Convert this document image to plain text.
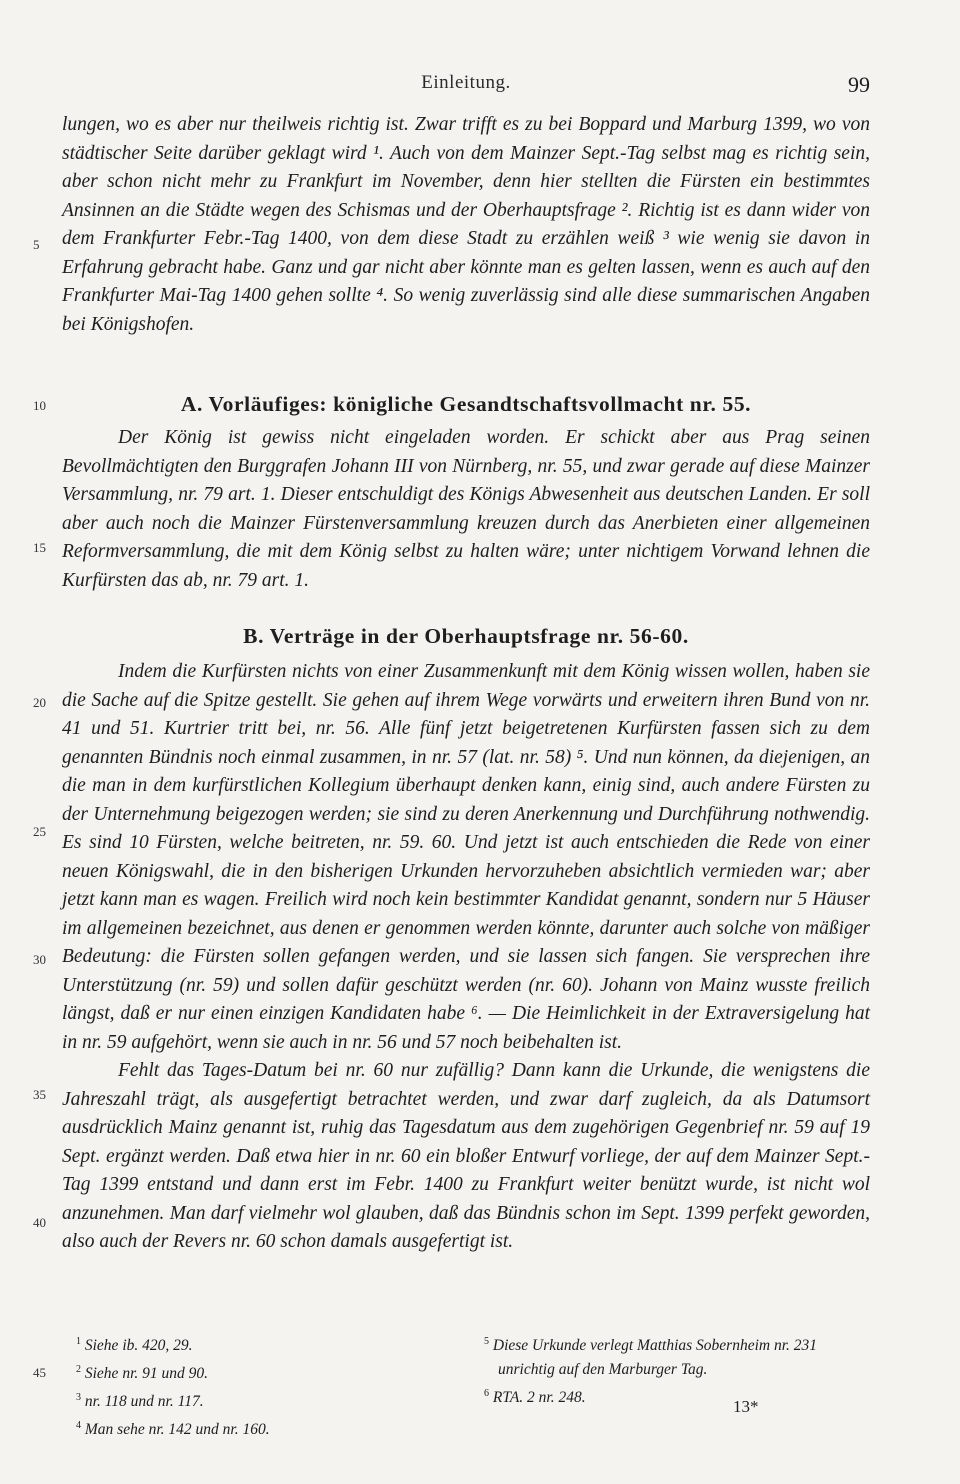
Einleitung.	99

lungen, wo es aber nur theilweis richtig ist. Zwar trifft es zu bei Boppard und Marburg 1399, wo von städtischer Seite darüber geklagt wird ¹. Auch von dem Mainzer Sept.-Tag selbst mag es richtig sein, aber schon nicht mehr zu Frankfurt im November, denn hier stellten die Fürsten ein bestimmtes Ansinnen an die Städte wegen des Schismas und der Oberhauptsfrage ². Richtig ist es dann wider von dem Frankfurter Febr.-Tag 1400, von dem diese Stadt zu erzählen weiß ³ wie wenig sie davon in Erfahrung gebracht habe. Ganz und gar nicht aber könnte man es gelten lassen, wenn es auch auf den Frankfurter Mai-Tag 1400 gehen sollte ⁴. So wenig zuverlässig sind alle diese summarischen Angaben bei Königshofen.

A. Vorläufiges: königliche Gesandtschaftsvollmacht nr. 55.

Der König ist gewiss nicht eingeladen worden. Er schickt aber aus Prag seinen Bevollmächtigten den Burggrafen Johann III von Nürnberg, nr. 55, und zwar gerade auf diese Mainzer Versammlung, nr. 79 art. 1. Dieser entschuldigt des Königs Abwesenheit aus deutschen Landen. Er soll aber auch noch die Mainzer Fürstenversammlung kreuzen durch das Anerbieten einer allgemeinen Reformversammlung, die mit dem König selbst zu halten wäre; unter nichtigem Vorwand lehnen die Kurfürsten das ab, nr. 79 art. 1.

B. Verträge in der Oberhauptsfrage nr. 56-60.

Indem die Kurfürsten nichts von einer Zusammenkunft mit dem König wissen wollen, haben sie die Sache auf die Spitze gestellt. Sie gehen auf ihrem Wege vorwärts und erweitern ihren Bund von nr. 41 und 51. Kurtrier tritt bei, nr. 56. Alle fünf jetzt beigetretenen Kurfürsten fassen sich zu dem genannten Bündnis noch einmal zusammen, in nr. 57 (lat. nr. 58) ⁵. Und nun können, da diejenigen, an die man in dem kurfürstlichen Kollegium überhaupt denken kann, einig sind, auch andere Fürsten zu der Unternehmung beigezogen werden; sie sind zu deren Anerkennung und Durchführung nothwendig. Es sind 10 Fürsten, welche beitreten, nr. 59. 60. Und jetzt ist auch entschieden die Rede von einer neuen Königswahl, die in den bisherigen Urkunden hervorzuheben absichtlich vermieden war; aber jetzt kann man es wagen. Freilich wird noch kein bestimmter Kandidat genannt, sondern nur 5 Häuser im allgemeinen bezeichnet, aus denen er genommen werden könnte, darunter auch solche von mäßiger Bedeutung: die Fürsten sollen gefangen werden, und sie lassen sich fangen. Sie versprechen ihre Unterstützung (nr. 59) und sollen dafür geschützt werden (nr. 60). Johann von Mainz wusste freilich längst, daß er nur einen einzigen Kandidaten habe ⁶. — Die Heimlichkeit in der Extraversigelung hat in nr. 59 aufgehört, wenn sie auch in nr. 56 und 57 noch beibehalten ist.

Fehlt das Tages-Datum bei nr. 60 nur zufällig? Dann kann die Urkunde, die wenigstens die Jahreszahl trägt, als ausgefertigt betrachtet werden, und zwar darf zugleich, da als Datumsort ausdrücklich Mainz genannt ist, ruhig das Tagesdatum aus dem zugehörigen Gegenbrief nr. 59 auf 19 Sept. ergänzt werden. Daß etwa hier in nr. 60 ein bloßer Entwurf vorliege, der auf dem Mainzer Sept.-Tag 1399 entstand und dann erst im Febr. 1400 zu Frankfurt weiter benützt wurde, ist nicht wol anzunehmen. Man darf vielmehr wol glauben, daß das Bündnis schon im Sept. 1399 perfekt geworden, also auch der Revers nr. 60 schon damals ausgefertigt ist.

5
10
15
20
25
30
35
40
45
$^1$ Siehe ib. 420, 29.
$^2$ Siehe nr. 91 und 90.
$^3$ nr. 118 und nr. 117.
$^4$ Man sehe nr. 142 und nr. 160.
$^5$ Diese Urkunde verlegt Matthias Sobernheim nr. 231 unrichtig auf den Marburger Tag.
$^6$ RTA. 2 nr. 248.	13*
